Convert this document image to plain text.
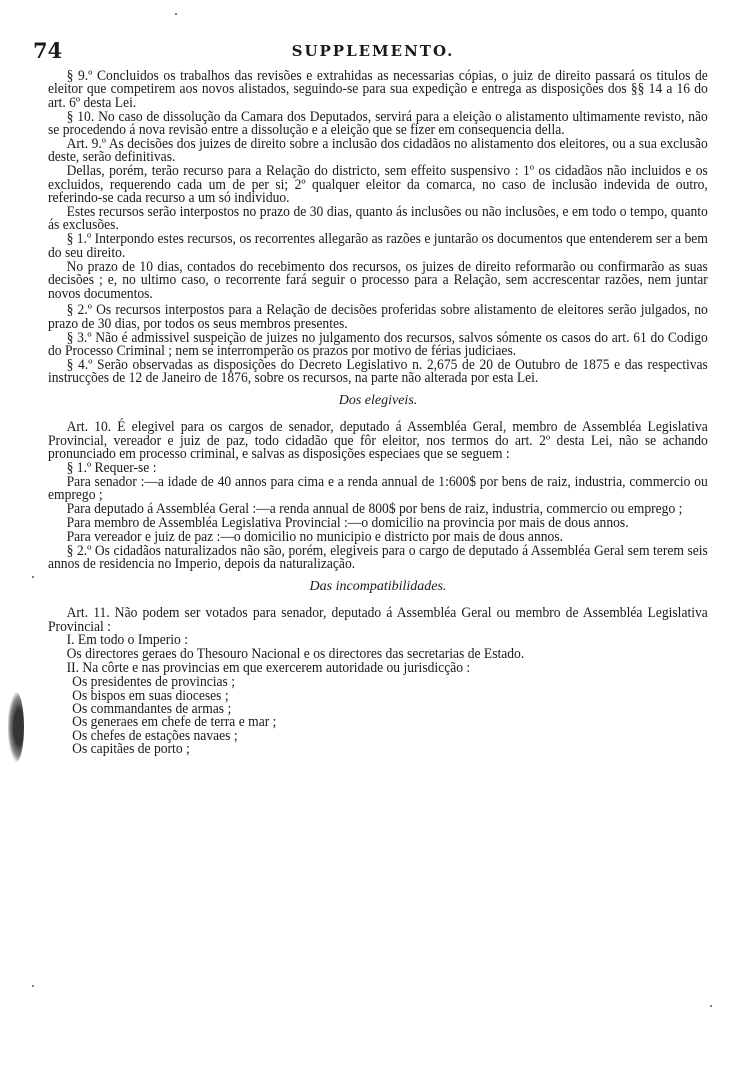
74	SUPPLEMENTO.

§ 9.º Concluidos os trabalhos das revisões e extrahidas as necessarias cópias, o juiz de direito passará os titulos de eleitor que competirem aos novos alistados, seguindo-se para sua expedição e entrega as disposições dos §§ 14 a 16 do art. 6º desta Lei.

§ 10. No caso de dissolução da Camara dos Deputados, servirá para a eleição o alistamento ultimamente revisto, não se procedendo á nova revisão entre a dissolução e a eleição que se fizer em consequencia della.

Art. 9.º As decisões dos juizes de direito sobre a inclusão dos cidadãos no alistamento dos eleitores, ou a sua exclusão deste, serão definitivas.

Dellas, porém, terão recurso para a Relação do districto, sem effeito suspensivo : 1º os cidadãos não incluidos e os excluidos, requerendo cada um de per si; 2º qualquer eleitor da comarca, no caso de inclusão indevida de outro, referindo-se cada recurso a um só individuo.

Estes recursos serão interpostos no prazo de 30 dias, quanto ás inclusões ou não inclusões, e em todo o tempo, quanto ás exclusões.

§ 1.º Interpondo estes recursos, os recorrentes allegarão as razões e juntarão os documentos que entenderem ser a bem do seu direito.

No prazo de 10 dias, contados do recebimento dos recursos, os juizes de direito reformarão ou confirmarão as suas decisões ; e, no ultimo caso, o recorrente fará seguir o processo para a Relação, sem accrescentar razões, nem juntar novos documentos.

§ 2.º Os recursos interpostos para a Relação de decisões proferidas sobre alistamento de eleitores serão julgados, no prazo de 30 dias, por todos os seus membros presentes.

§ 3.º Não é admissivel suspeição de juizes no julgamento dos recursos, salvos sómente os casos do art. 61 do Codigo do Processo Criminal ; nem se interromperão os prazos por motivo de férias judiciaes.

§ 4.º Serão observadas as disposições do Decreto Legislativo n. 2,675 de 20 de Outubro de 1875 e das respectivas instrucções de 12 de Janeiro de 1876, sobre os recursos, na parte não alterada por esta Lei.

Dos elegiveis.

Art. 10. É elegivel para os cargos de senador, deputado á Assembléa Geral, membro de Assembléa Legislativa Provincial, vereador e juiz de paz, todo cidadão que fôr eleitor, nos termos do art. 2º desta Lei, não se achando pronunciado em processo criminal, e salvas as disposições especiaes que se seguem :

§ 1.º Requer-se :

Para senador :—a idade de 40 annos para cima e a renda annual de 1:600$ por bens de raiz, industria, commercio ou emprego ;

Para deputado á Assembléa Geral :—a renda annual de 800$ por bens de raiz, industria, commercio ou emprego ;

Para membro de Assembléa Legislativa Provincial :—o domicilio na provincia por mais de dous annos.

Para vereador e juiz de paz :—o domicilio no municipio e districto por mais de dous annos.

§ 2.º Os cidadãos naturalizados não são, porém, elegiveis para o cargo de deputado á Assembléa Geral sem terem seis annos de residencia no Imperio, depois da naturalização.

Das incompatibilidades.

Art. 11. Não podem ser votados para senador, deputado á Assembléa Geral ou membro de Assembléa Legislativa Provincial :

I. Em todo o Imperio :

Os directores geraes do Thesouro Nacional e os directores das secretarias de Estado.

II. Na côrte e nas provincias em que exercerem autoridade ou jurisdicção :

Os presidentes de provincias ;
Os bispos em suas dioceses ;
Os commandantes de armas ;
Os generaes em chefe de terra e mar ;
Os chefes de estações navaes ;
Os capitães de porto ;
